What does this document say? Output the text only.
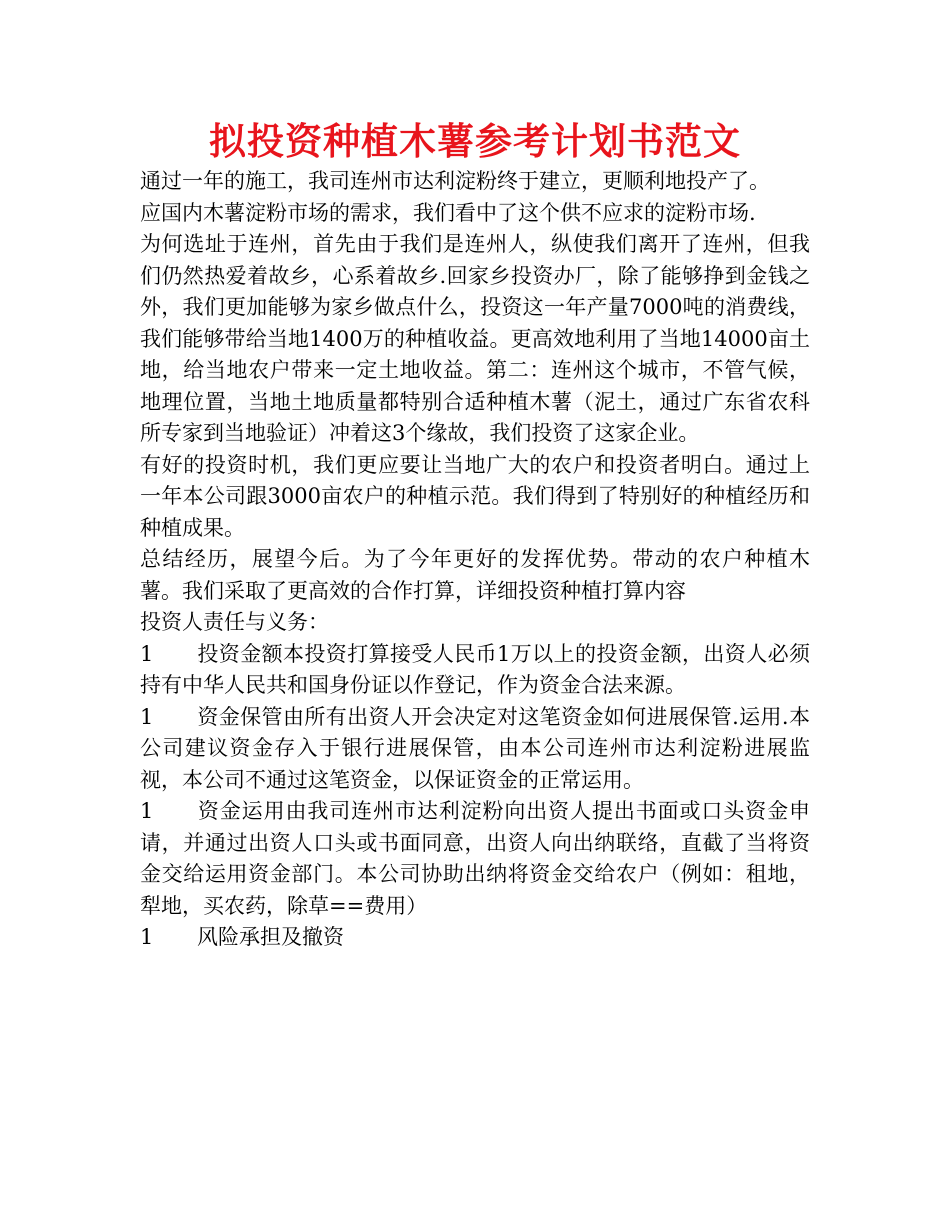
拟投资种植木薯参考计划书范文

通过一年的施工，我司连州市达利淀粉终于建立，更顺利地投产了。

应国内木薯淀粉市场的需求，我们看中了这个供不应求的淀粉市场.

为何选址于连州，首先由于我们是连州人，纵使我们离开了连州，但我们仍然热爱着故乡，心系着故乡.回家乡投资办厂，除了能够挣到金钱之外，我们更加能够为家乡做点什么，投资这一年产量7000吨的消费线，我们能够带给当地1400万的种植收益。更高效地利用了当地14000亩土地，给当地农户带来一定土地收益。第二：连州这个城市，不管气候，地理位置，当地土地质量都特别合适种植木薯（泥土，通过广东省农科所专家到当地验证）冲着这3个缘故，我们投资了这家企业。

有好的投资时机，我们更应要让当地广大的农户和投资者明白。通过上一年本公司跟3000亩农户的种植示范。我们得到了特别好的种植经历和种植成果。

总结经历，展望今后。为了今年更好的发挥优势。带动的农户种植木薯。我们采取了更高效的合作打算，详细投资种植打算内容

投资人责任与义务：

1 投资金额本投资打算接受人民币1万以上的投资金额，出资人必须持有中华人民共和国身份证以作登记，作为资金合法来源。

1 资金保管由所有出资人开会决定对这笔资金如何进展保管.运用.本公司建议资金存入于银行进展保管，由本公司连州市达利淀粉进展监视，本公司不通过这笔资金，以保证资金的正常运用。

1 资金运用由我司连州市达利淀粉向出资人提出书面或口头资金申请，并通过出资人口头或书面同意，出资人向出纳联络，直截了当将资金交给运用资金部门。本公司协助出纳将资金交给农户（例如：租地，犁地，买农药，除草==费用）

1 风险承担及撤资
